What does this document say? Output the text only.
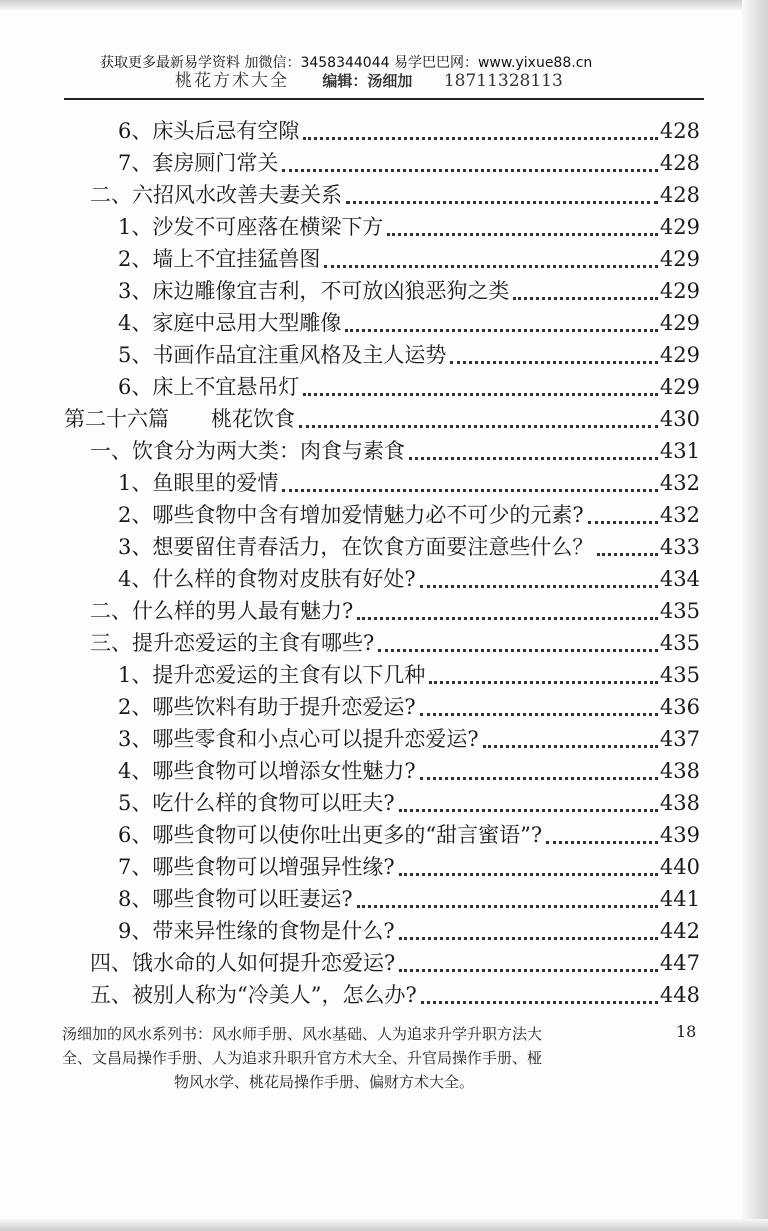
桃花方术大全 编辑：汤细加 18711328113
获取更多最新易学资料 加微信：3458344044 易学巴巴网：www.yixue88.cn
6、床头后忌有空隙	428
7、套房厕门常关	428
二、六招风水改善夫妻关系	428
1、沙发不可座落在横梁下方	429
2、墙上不宜挂猛兽图	429
3、床边雕像宜吉利，不可放凶狼恶狗之类	429
4、家庭中忌用大型雕像	429
5、书画作品宜注重风格及主人运势	429
6、床上不宜悬吊灯	429
第二十六篇　　桃花饮食	430
一、饮食分为两大类：肉食与素食	431
1、鱼眼里的爱情	432
2、哪些食物中含有增加爱情魅力必不可少的元素?	432
3、想要留住青春活力，在饮食方面要注意些什么？	433
4、什么样的食物对皮肤有好处?	434
二、什么样的男人最有魅力?	435
三、提升恋爱运的主食有哪些?	435
1、提升恋爱运的主食有以下几种	435
2、哪些饮料有助于提升恋爱运?	436
3、哪些零食和小点心可以提升恋爱运?	437
4、哪些食物可以增添女性魅力?	438
5、吃什么样的食物可以旺夫?	438
6、哪些食物可以使你吐出更多的“甜言蜜语”?	439
7、哪些食物可以增强异性缘?	440
8、哪些食物可以旺妻运?	441
9、带来异性缘的食物是什么?	442
四、饿水命的人如何提升恋爱运?	447
五、被别人称为“冷美人”，怎么办?	448
汤细加的风水系列书：风水师手册、风水基础、人为追求升学升职方法大
全、文昌局操作手册、人为追求升职升官方术大全、升官局操作手册、桠
物风水学、桃花局操作手册、偏财方术大全。
18
